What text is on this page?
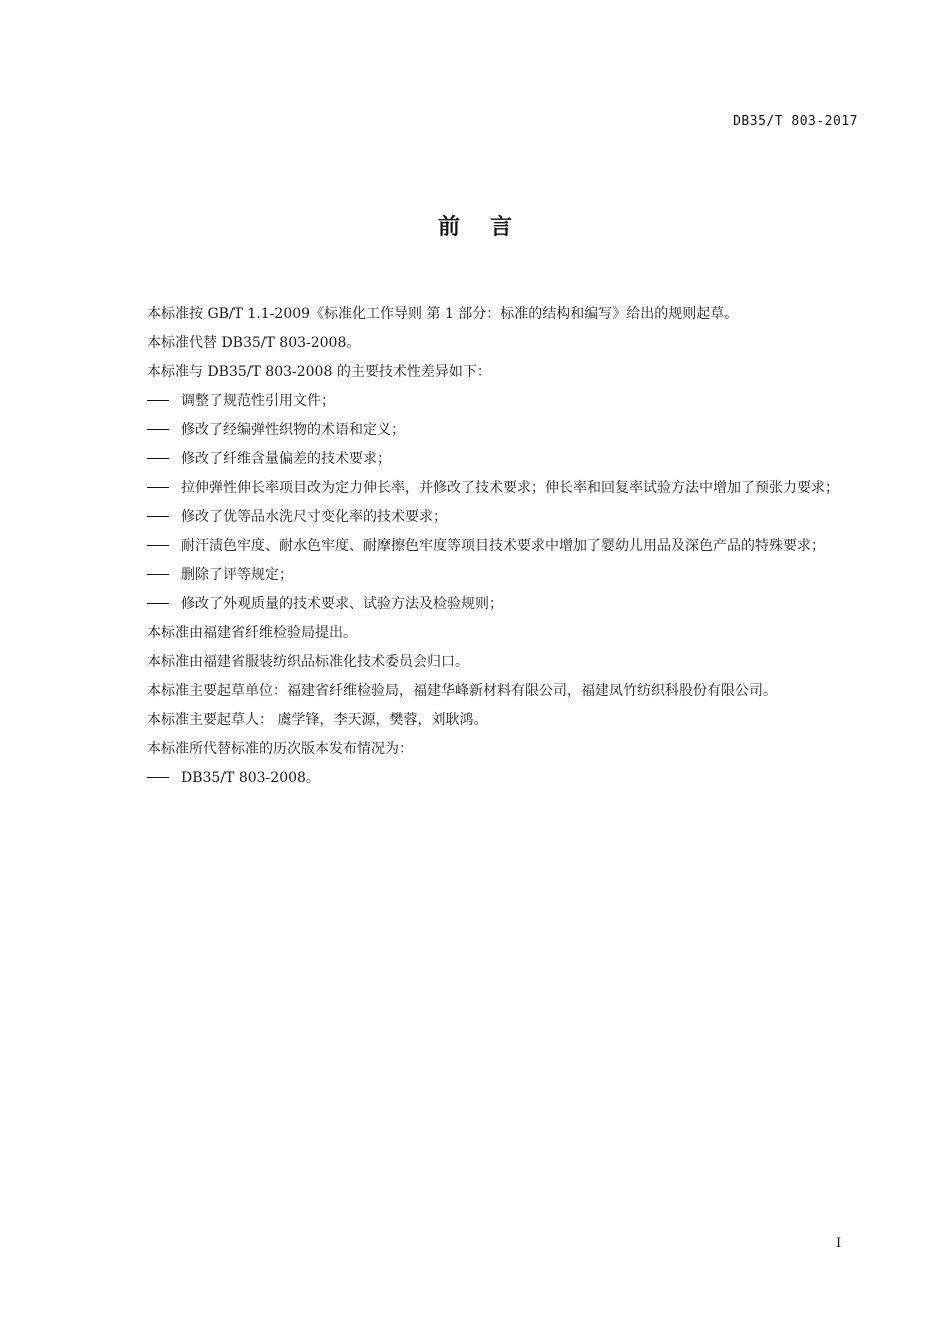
DB35/T 803-2017
前言

本标准按 GB/T 1.1-2009《标准化工作导则 第 1 部分：标准的结构和编写》给出的规则起草。

本标准代替 DB35/T 803-2008。

本标准与 DB35/T 803-2008 的主要技术性差异如下：

调整了规范性引用文件；

修改了经编弹性织物的术语和定义；

修改了纤维含量偏差的技术要求；

拉伸弹性伸长率项目改为定力伸长率，并修改了技术要求；伸长率和回复率试验方法中增加了预张力要求；

修改了优等品水洗尺寸变化率的技术要求；

耐汗渍色牢度、耐水色牢度、耐摩擦色牢度等项目技术要求中增加了婴幼儿用品及深色产品的特殊要求；

删除了评等规定；

修改了外观质量的技术要求、试验方法及检验规则；

本标准由福建省纤维检验局提出。

本标准由福建省服装纺织品标准化技术委员会归口。

本标准主要起草单位：福建省纤维检验局，福建华峰新材料有限公司，福建凤竹纺织科股份有限公司。

本标准主要起草人： 虞学锋，李天源，樊蓉，刘耿鸿。

本标准所代替标准的历次版本发布情况为：

DB35/T 803-2008。

I
